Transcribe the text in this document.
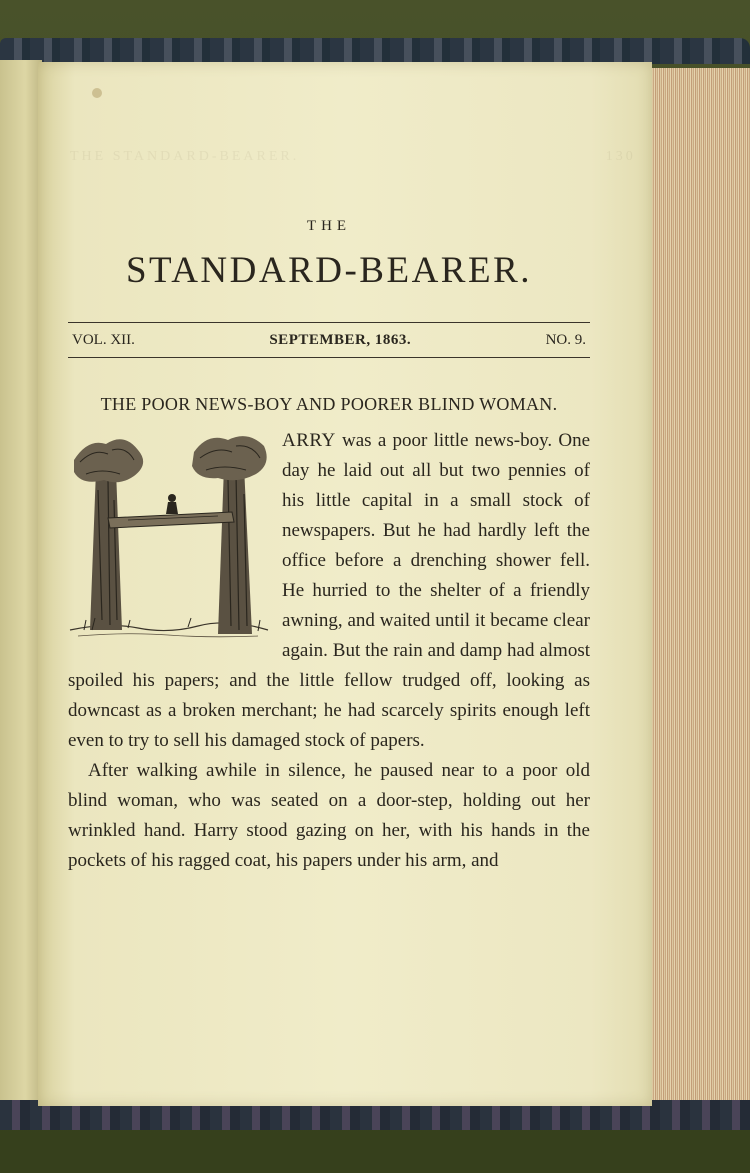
THE STANDARD-BEARER.	130
THE
STANDARD-BEARER.
VOL. XII.	SEPTEMBER, 1863.	NO. 9.
THE POOR NEWS-BOY AND POORER BLIND WOMAN.

ARRY was a poor little news-boy. One day he laid out all but two pennies of his little capital in a small stock of newspapers. But he had hardly left the office before a drenching shower fell. He hurried to the shelter of a friendly awning, and waited until it became clear again. But the rain and damp had almost spoiled his papers; and the little fellow trudged off, looking as downcast as a broken merchant; he had scarcely spirits enough left even to try to sell his damaged stock of papers.

After walking awhile in silence, he paused near to a poor old blind woman, who was seated on a door-step, holding out her wrinkled hand. Harry stood gazing on her, with his hands in the pockets of his ragged coat, his papers under his arm, and
